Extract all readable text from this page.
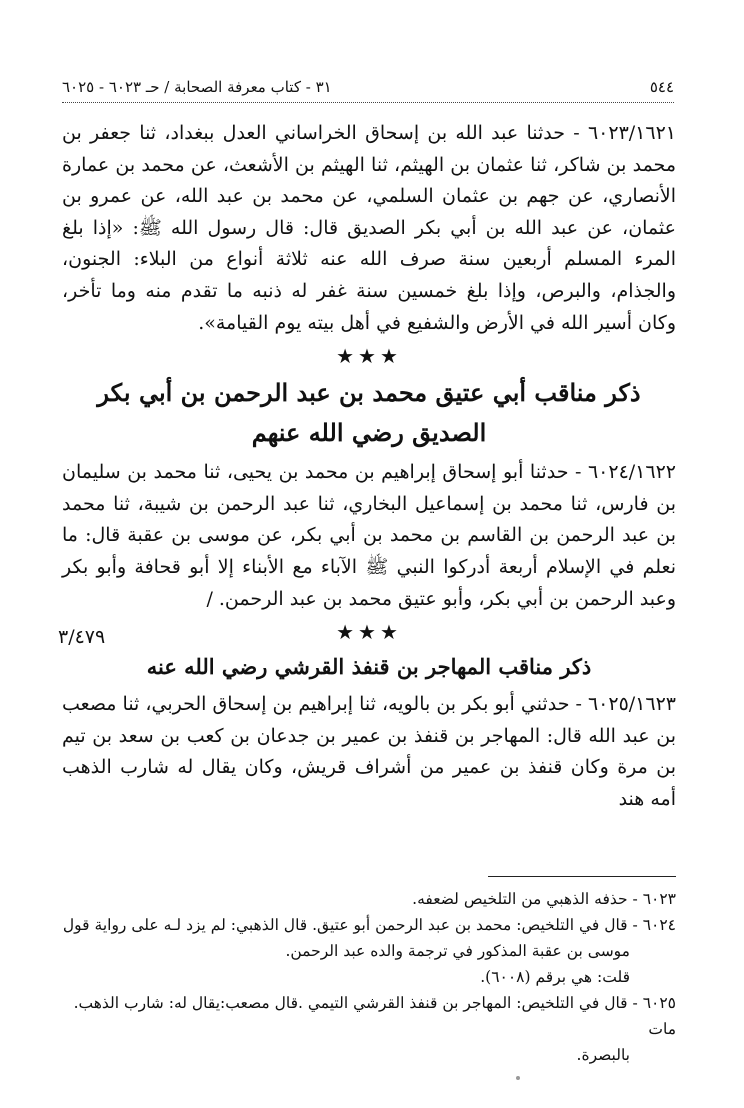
٥٤٤
٣١ - كتاب معرفة الصحابة / حـ ٦٠٢٣ - ٦٠٢٥

٦٠٢٣/١٦٢١ - حدثنا عبد الله بن إسحاق الخراساني العدل ببغداد، ثنا جعفر بن محمد بن شاكر، ثنا عثمان بن الهيثم، ثنا الهيثم بن الأشعث، عن محمد بن عمارة الأنصاري، عن جهم بن عثمان السلمي، عن محمد بن عبد الله، عن عمرو بن عثمان، عن عبد الله بن أبي بكر الصديق قال: قال رسول الله ﷺ: «إذا بلغ المرء المسلم أربعين سنة صرف الله عنه ثلاثة أنواع من البلاء: الجنون، والجذام، والبرص، وإذا بلغ خمسين سنة غفر له ذنبه ما تقدم منه وما تأخر، وكان أسير الله في الأرض والشفيع في أهل بيته يوم القيامة».

★★★
ذكر مناقب أبي عتيق محمد بن عبد الرحمن بن أبي بكر الصديق رضي الله عنهم

٦٠٢٤/١٦٢٢ - حدثنا أبو إسحاق إبراهيم بن محمد بن يحيى، ثنا محمد بن سليمان بن فارس، ثنا محمد بن إسماعيل البخاري، ثنا عبد الرحمن بن شيبة، ثنا محمد بن عبد الرحمن بن القاسم بن محمد بن أبي بكر، عن موسى بن عقبة قال: ما نعلم في الإسلام أربعة أدركوا النبي ﷺ الآباء مع الأبناء إلا أبو قحافة وأبو بكر وعبد الرحمن بن أبي بكر، وأبو عتيق محمد بن عبد الرحمن. /

★★★
ذكر مناقب المهاجر بن قنفذ القرشي رضي الله عنه

٦٠٢٥/١٦٢٣ - حدثني أبو بكر بن بالويه، ثنا إبراهيم بن إسحاق الحربي، ثنا مصعب بن عبد الله قال: المهاجر بن قنفذ بن عمير بن جدعان بن كعب بن سعد بن تيم بن مرة وكان قنفذ بن عمير من أشراف قريش، وكان يقال له شارب الذهب أمه هند

٣/٤٧٩

٦٠٢٣ - حذفه الذهبي من التلخيص لضعفه.

٦٠٢٤ - قال في التلخيص: محمد بن عبد الرحمن أبو عتيق. قال الذهبي: لم يزد لـه على رواية قول

موسى بن عقبة المذكور في ترجمة والده عبد الرحمن.

قلت: هي برقم (٦٠٠٨).

٦٠٢٥ - قال في التلخيص: المهاجر بن قنفذ القرشي التيمي .قال مصعب:يقال له: شارب الذهب. مات

بالبصرة.
